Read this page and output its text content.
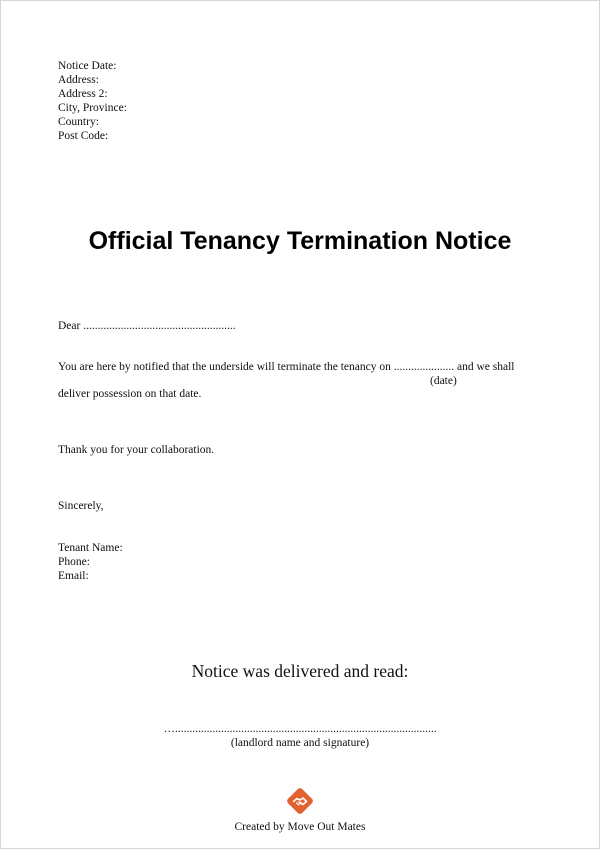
Notice Date:
Address:
Address 2:
City, Province:
Country:
Post Code:
Official Tenancy Termination Notice
Dear .....................................................
You are here by notified that the underside will terminate the tenancy on ..................... and we shall
(date)
deliver possession on that date.
Thank you for your collaboration.
Sincerely,
Tenant Name:
Phone:
Email:
Notice was delivered and read:
…...........................................................................................
(landlord name and signature)
Created by Move Out Mates
